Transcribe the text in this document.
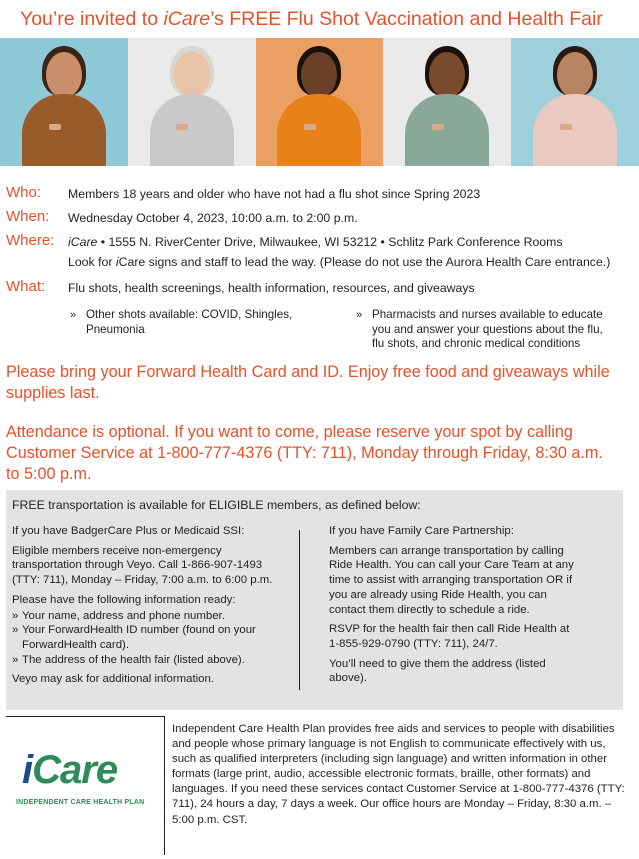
You’re invited to iCare’s FREE Flu Shot Vaccination and Health Fair
Who:	Members 18 years and older who have not had a flu shot since Spring 2023
When:	Wednesday October 4, 2023, 10:00 a.m. to 2:00 p.m.
Where:	iCare • 1555 N. RiverCenter Drive, Milwaukee, WI 53212 • Schlitz Park Conference Rooms
Look for iCare signs and staff to lead the way. (Please do not use the Aurora Health Care entrance.)
What:	Flu shots, health screenings, health information, resources, and giveaways
» Other shots available: COVID, Shingles, Pneumonia
» Pharmacists and nurses available to educate you and answer your questions about the flu, flu shots, and chronic medical conditions
Please bring your Forward Health Card and ID. Enjoy free food and giveaways while supplies last.
Attendance is optional. If you want to come, please reserve your spot by calling Customer Service at 1-800-777-4376 (TTY: 711), Monday through Friday, 8:30 a.m. to 5:00 p.m.
FREE transportation is available for ELIGIBLE members, as defined below:

If you have BadgerCare Plus or Medicaid SSI:

Eligible members receive non-emergency transportation through Veyo. Call 1-866-907-1493 (TTY: 711), Monday – Friday, 7:00 a.m. to 6:00 p.m.

Please have the following information ready:

» Your name, address and phone number.
» Your ForwardHealth ID number (found on your ForwardHealth card).
» The address of the health fair (listed above).

Veyo may ask for additional information.

If you have Family Care Partnership:

Members can arrange transportation by calling Ride Health. You can call your Care Team at any time to assist with arranging transportation OR if you are already using Ride Health, you can contact them directly to schedule a ride.

RSVP for the health fair then call Ride Health at 1-855-929-0790 (TTY: 711), 24/7.

You’ll need to give them the address (listed above).

iCare
INDEPENDENT CARE HEALTH PLAN
Independent Care Health Plan provides free aids and services to people with disabilities and people whose primary language is not English to communicate effectively with us, such as qualified interpreters (including sign language) and written information in other formats (large print, audio, accessible electronic formats, braille, other formats) and languages. If you need these services contact Customer Service at 1-800-777-4376 (TTY: 711), 24 hours a day, 7 days a week. Our office hours are Monday – Friday, 8:30 a.m. – 5:00 p.m. CST.
